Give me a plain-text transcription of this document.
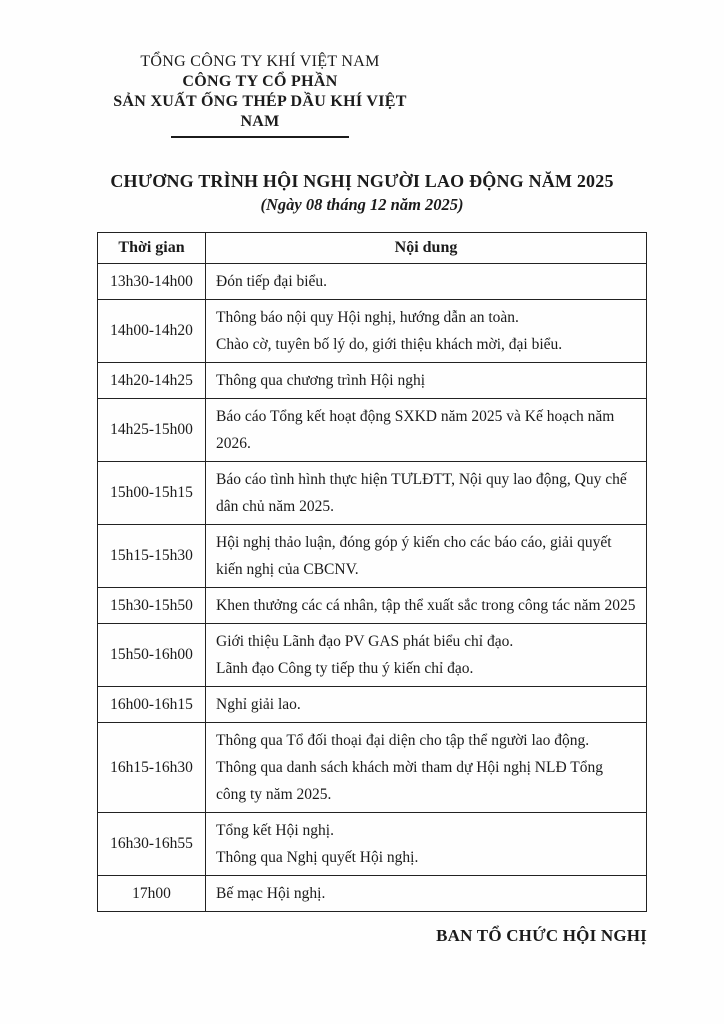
TỔNG CÔNG TY KHÍ VIỆT NAM
CÔNG TY CỔ PHẦN
SẢN XUẤT ỐNG THÉP DẦU KHÍ VIỆT NAM
CHƯƠNG TRÌNH HỘI NGHỊ NGƯỜI LAO ĐỘNG NĂM 2025
(Ngày 08 tháng 12 năm 2025)
Thời gian	Nội dung
13h30-14h00	Đón tiếp đại biểu.

14h00-14h20	Thông báo nội quy Hội nghị, hướng dẫn an toàn.
Chào cờ, tuyên bố lý do, giới thiệu khách mời, đại biểu.

14h20-14h25	Thông qua chương trình Hội nghị

14h25-15h00	Báo cáo Tổng kết hoạt động SXKD năm 2025 và Kế hoạch năm 2026.

15h00-15h15	Báo cáo tình hình thực hiện TƯLĐTT, Nội quy lao động, Quy chế dân chủ năm 2025.

15h15-15h30	Hội nghị thảo luận, đóng góp ý kiến cho các báo cáo, giải quyết kiến nghị của CBCNV.

15h30-15h50	Khen thưởng các cá nhân, tập thể xuất sắc trong công tác năm 2025

15h50-16h00	Giới thiệu Lãnh đạo PV GAS phát biểu chỉ đạo.
Lãnh đạo Công ty tiếp thu ý kiến chỉ đạo.

16h00-16h15	Nghỉ giải lao.

16h15-16h30	Thông qua Tổ đối thoại đại diện cho tập thể người lao động.
Thông qua danh sách khách mời tham dự Hội nghị NLĐ Tổng công ty năm 2025.

16h30-16h55	Tổng kết Hội nghị.
Thông qua Nghị quyết Hội nghị.

17h00	Bế mạc Hội nghị.
BAN TỔ CHỨC HỘI NGHỊ
